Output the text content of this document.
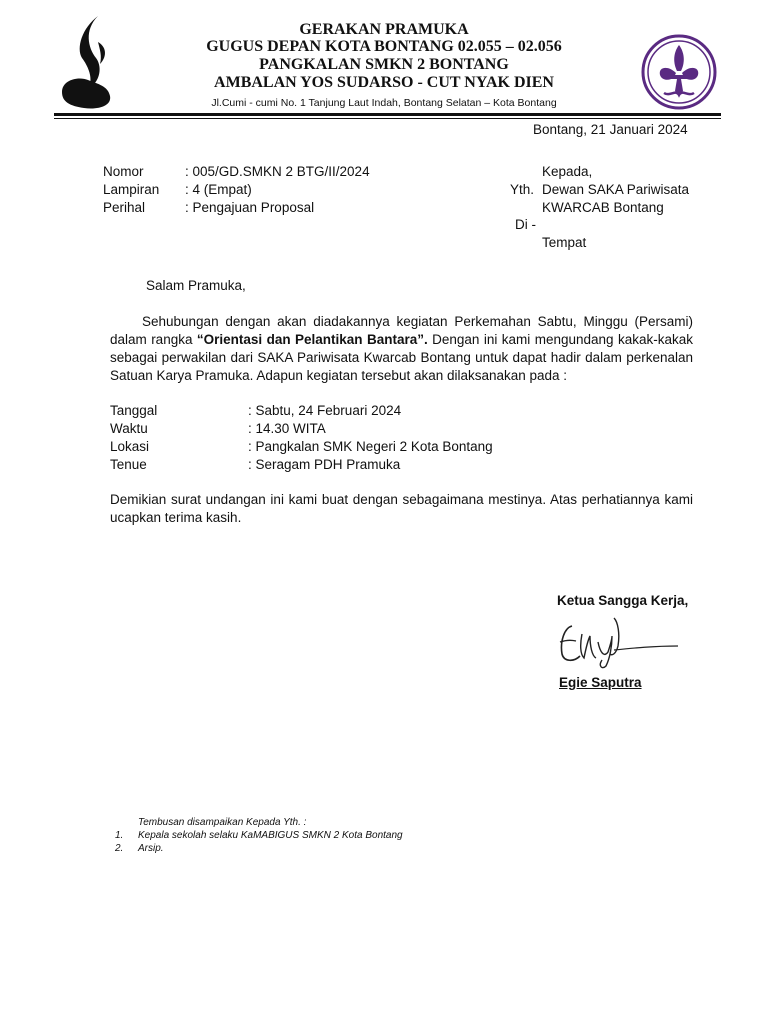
GERAKAN PRAMUKA
GUGUS DEPAN KOTA BONTANG 02.055 – 02.056
PANGKALAN SMKN 2 BONTANG
AMBALAN YOS SUDARSO - CUT NYAK DIEN
Jl.Cumi - cumi No. 1 Tanjung Laut Indah, Bontang Selatan – Kota Bontang
Bontang, 21 Januari 2024
Nomor	: 005/GD.SMKN 2 BTG/II/2024
Lampiran : 4 (Empat)
Perihal	: Pengajuan Proposal
Kepada,
Yth. Dewan SAKA Pariwisata
KWARCAB Bontang
Di -
Tempat
Salam Pramuka,
Sehubungan dengan akan diadakannya kegiatan Perkemahan Sabtu, Minggu (Persami) dalam rangka “Orientasi dan Pelantikan Bantara”. Dengan ini kami mengundang kakak-kakak sebagai perwakilan dari SAKA Pariwisata Kwarcab Bontang untuk dapat hadir dalam perkenalan Satuan Karya Pramuka. Adapun kegiatan tersebut akan dilaksanakan pada :
Tanggal	: Sabtu, 24 Februari 2024
Waktu	: 14.30 WITA
Lokasi	: Pangkalan SMK Negeri 2 Kota Bontang
Tenue	: Seragam PDH Pramuka
Demikian surat undangan ini kami buat dengan sebagaimana mestinya. Atas perhatiannya kami ucapkan terima kasih.
Ketua Sangga Kerja,
Egie Saputra
Tembusan disampaikan Kepada Yth. :
1. Kepala sekolah selaku KaMABIGUS SMKN 2 Kota Bontang
2. Arsip.
